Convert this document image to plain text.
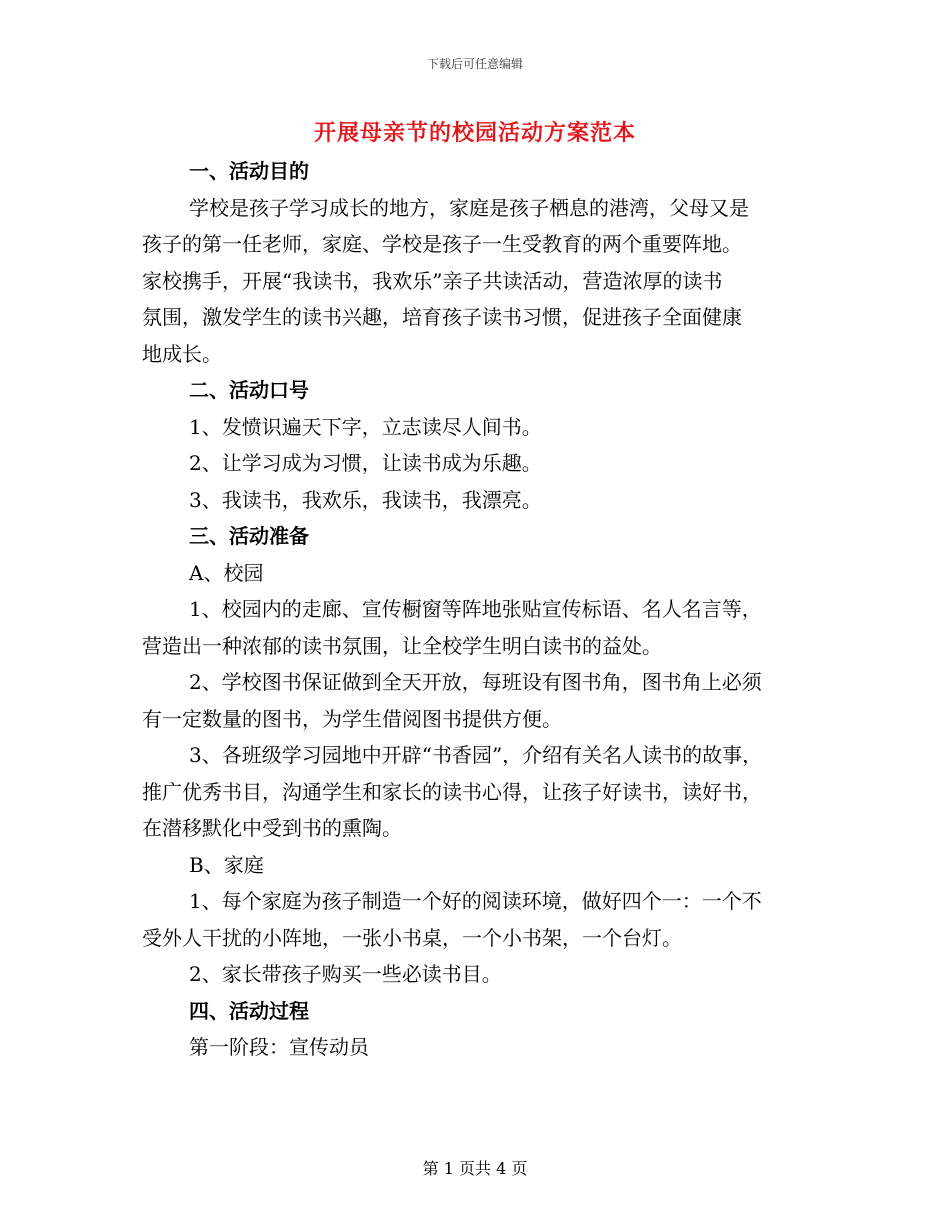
下载后可任意编辑
开展母亲节的校园活动方案范本

一、活动目的

学校是孩子学习成长的地方，家庭是孩子栖息的港湾，父母又是

孩子的第一任老师，家庭、学校是孩子一生受教育的两个重要阵地。

家校携手，开展“我读书，我欢乐”亲子共读活动，营造浓厚的读书

氛围，激发学生的读书兴趣，培育孩子读书习惯，促进孩子全面健康

地成长。

二、活动口号

1、发愤识遍天下字，立志读尽人间书。

2、让学习成为习惯，让读书成为乐趣。

3、我读书，我欢乐，我读书，我漂亮。

三、活动准备

A、校园

1、校园内的走廊、宣传橱窗等阵地张贴宣传标语、名人名言等，

营造出一种浓郁的读书氛围，让全校学生明白读书的益处。

2、学校图书保证做到全天开放，每班设有图书角，图书角上必须

有一定数量的图书，为学生借阅图书提供方便。

3、各班级学习园地中开辟“书香园”，介绍有关名人读书的故事，

推广优秀书目，沟通学生和家长的读书心得，让孩子好读书，读好书，

在潜移默化中受到书的熏陶。

B、家庭

1、每个家庭为孩子制造一个好的阅读环境，做好四个一：一个不

受外人干扰的小阵地，一张小书桌，一个小书架，一个台灯。

2、家长带孩子购买一些必读书目。

四、活动过程

第一阶段：宣传动员

第 1 页共 4 页
